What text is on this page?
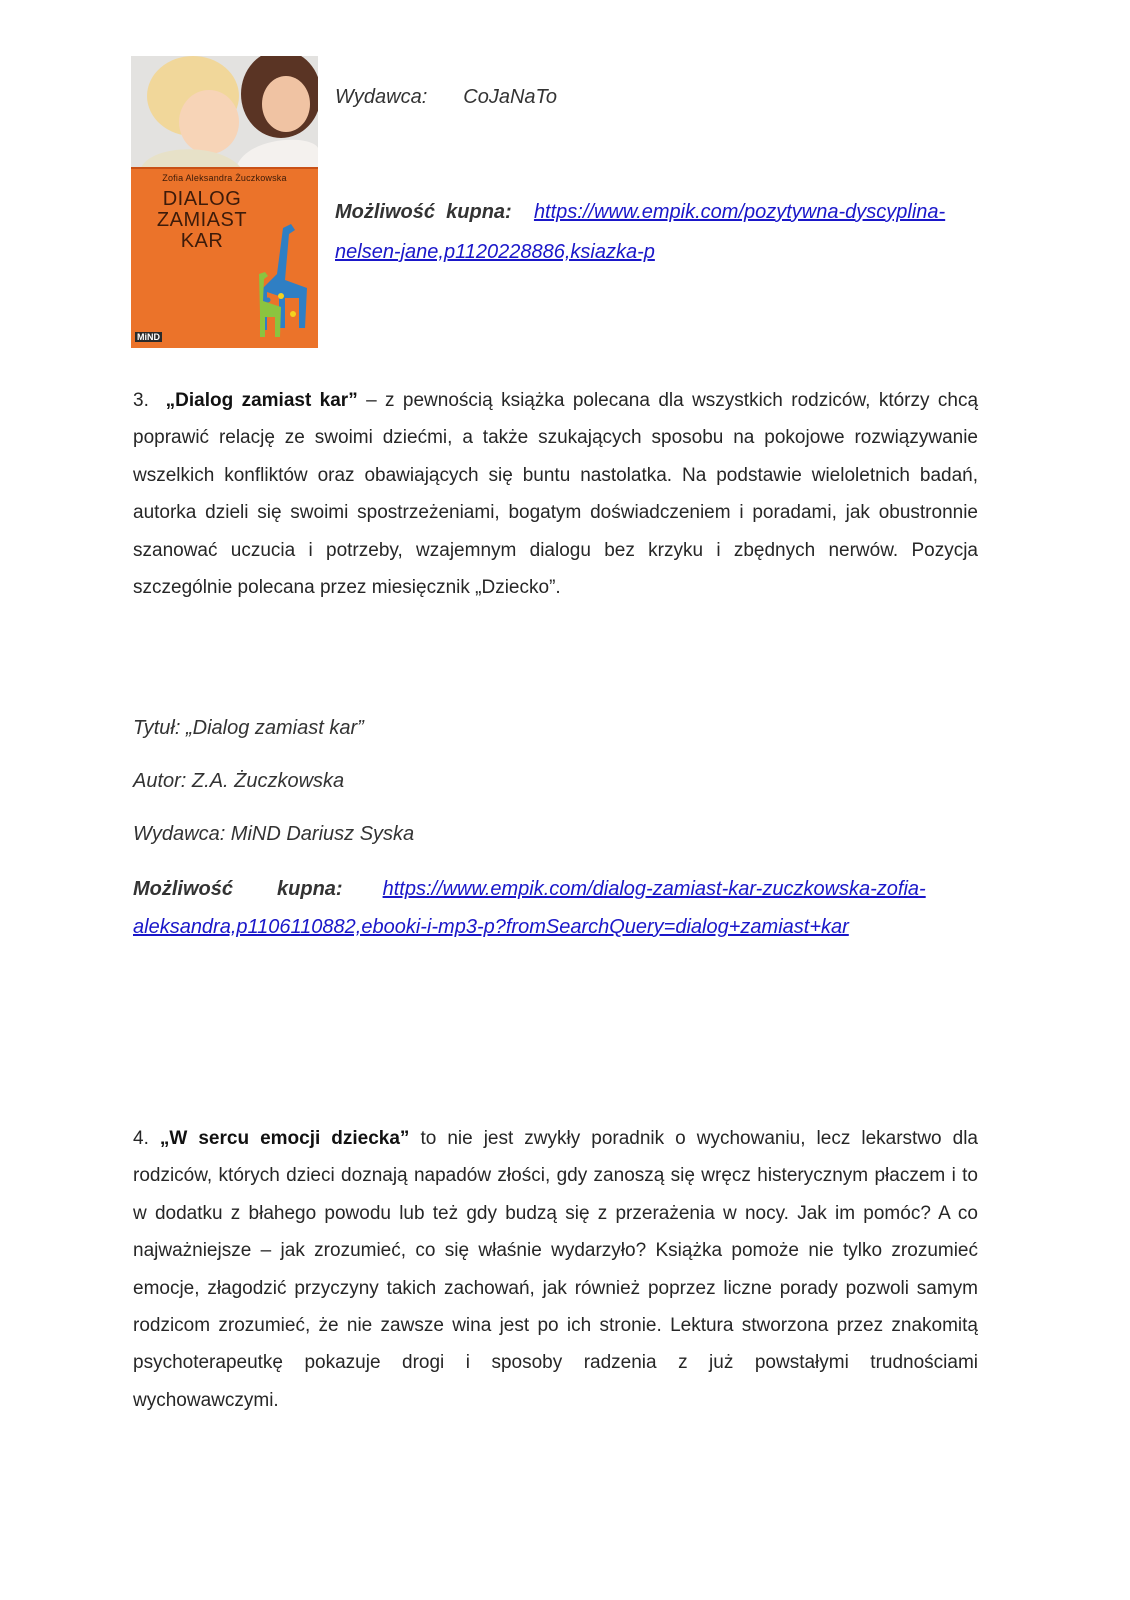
Zofia Aleksandra Żuczkowska
DIALOG
ZAMIAST KAR
MiND
Wydawca: CoJaNaTo
Możliwość kupna: https://www.empik.com/pozytywna-dyscyplina-
nelsen-jane,p1120228886,ksiazka-p
3. „Dialog zamiast kar” – z pewnością książka polecana dla wszystkich rodziców, którzy chcą poprawić relację ze swoimi dziećmi, a także szukających sposobu na pokojowe rozwiązywanie wszelkich konfliktów oraz obawiających się buntu nastolatka. Na podstawie wieloletnich badań, autorka dzieli się swoimi spostrzeżeniami, bogatym doświadczeniem i poradami, jak obustronnie szanować uczucia i potrzeby, wzajemnym dialogu bez krzyku i zbędnych nerwów. Pozycja szczególnie polecana przez miesięcznik „Dziecko”.
Tytuł: „Dialog zamiast kar”
Autor: Z.A. Żuczkowska
Wydawca: MiND Dariusz Syska
Możliwość kupna: https://www.empik.com/dialog-zamiast-kar-zuczkowska-zofia-aleksandra,p1106110882,ebooki-i-mp3-p?fromSearchQuery=dialog+zamiast+kar
4. „W sercu emocji dziecka” to nie jest zwykły poradnik o wychowaniu, lecz lekarstwo dla rodziców, których dzieci doznają napadów złości, gdy zanoszą się wręcz histerycznym płaczem i to w dodatku z błahego powodu lub też gdy budzą się z przerażenia w nocy. Jak im pomóc? A co najważniejsze – jak zrozumieć, co się właśnie wydarzyło? Książka pomoże nie tylko zrozumieć emocje, złagodzić przyczyny takich zachowań, jak również poprzez liczne porady pozwoli samym rodzicom zrozumieć, że nie zawsze wina jest po ich stronie. Lektura stworzona przez znakomitą psychoterapeutkę pokazuje drogi i sposoby radzenia z już powstałymi trudnościami wychowawczymi.
